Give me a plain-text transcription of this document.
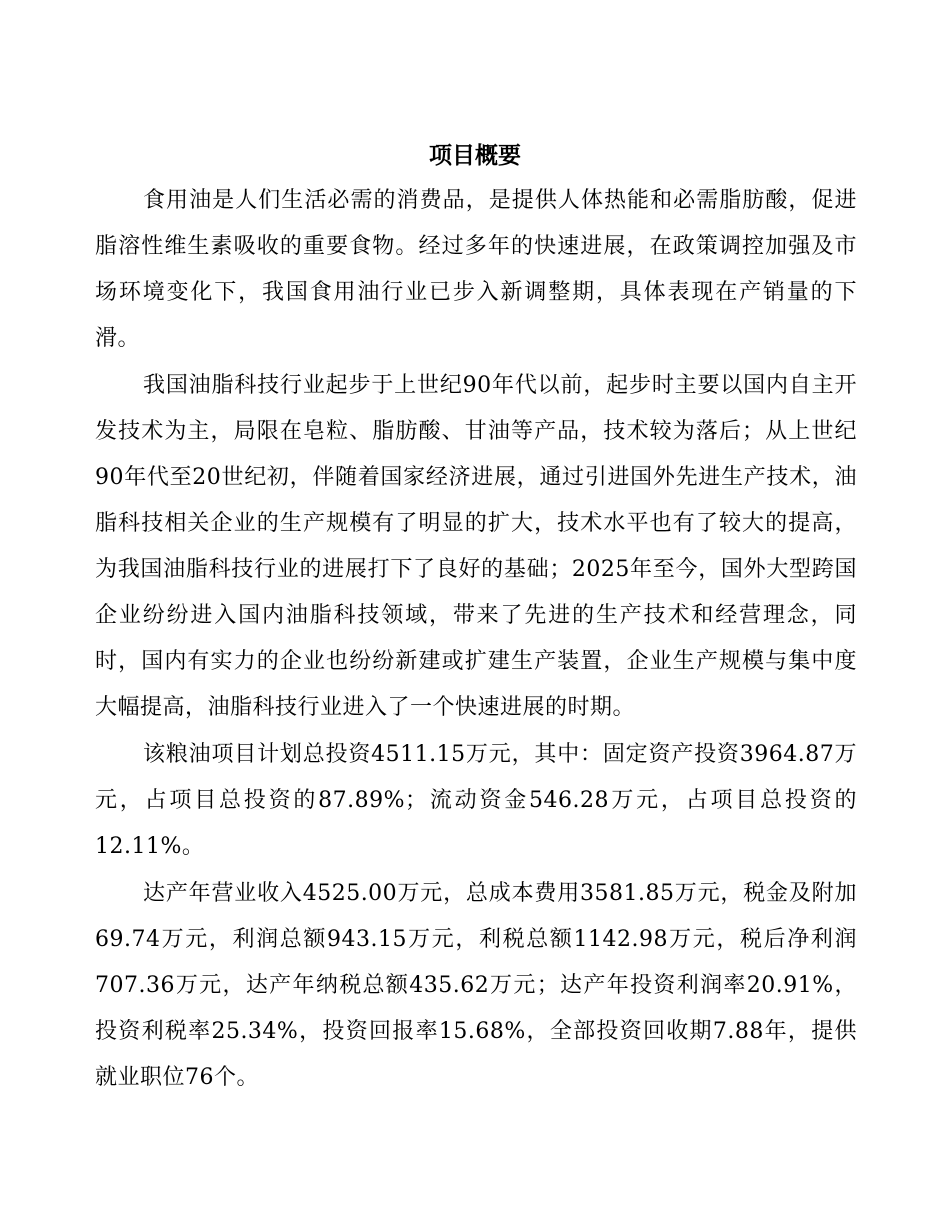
项目概要

食用油是人们生活必需的消费品，是提供人体热能和必需脂肪酸，促进脂溶性维生素吸收的重要食物。经过多年的快速进展，在政策调控加强及市场环境变化下，我国食用油行业已步入新调整期，具体表现在产销量的下滑。

我国油脂科技行业起步于上世纪90年代以前，起步时主要以国内自主开发技术为主，局限在皂粒、脂肪酸、甘油等产品，技术较为落后；从上世纪90年代至20世纪初，伴随着国家经济进展，通过引进国外先进生产技术，油脂科技相关企业的生产规模有了明显的扩大，技术水平也有了较大的提高，为我国油脂科技行业的进展打下了良好的基础；2025年至今，国外大型跨国企业纷纷进入国内油脂科技领域，带来了先进的生产技术和经营理念，同时，国内有实力的企业也纷纷新建或扩建生产装置，企业生产规模与集中度大幅提高，油脂科技行业进入了一个快速进展的时期。

该粮油项目计划总投资4511.15万元，其中：固定资产投资3964.87万元，占项目总投资的87.89%；流动资金546.28万元，占项目总投资的12.11%。

达产年营业收入4525.00万元，总成本费用3581.85万元，税金及附加69.74万元，利润总额943.15万元，利税总额1142.98万元，税后净利润707.36万元，达产年纳税总额435.62万元；达产年投资利润率20.91%，投资利税率25.34%，投资回报率15.68%，全部投资回收期7.88年，提供就业职位76个。
